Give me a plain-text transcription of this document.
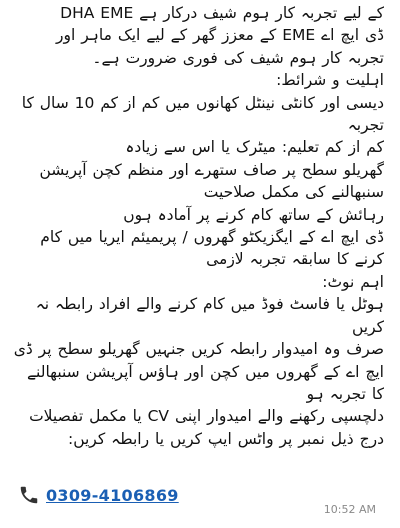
کے لیے تجربہ کار ہوم شیف درکار ہے DHA EME
ڈی ایچ اے EME کے معزز گھر کے لیے ایک ماہر اور
تجربہ کار ہوم شیف کی فوری ضرورت ہے۔
اہلیت و شرائط:
دیسی اور کانٹی نینٹل کھانوں میں کم از کم 10 سال کا
تجربہ
کم از کم تعلیم: میٹرک یا اس سے زیادہ
گھریلو سطح پر صاف ستھرے اور منظم کچن آپریشن
سنبھالنے کی مکمل صلاحیت
رہائش کے ساتھ کام کرنے پر آمادہ ہوں
ڈی ایچ اے کے ایگزیکٹو گھروں / پریمیئم ایریا میں کام
کرنے کا سابقہ تجربہ لازمی
اہم نوٹ:
ہوٹل یا فاسٹ فوڈ میں کام کرنے والے افراد رابطہ نہ
کریں
صرف وہ امیدوار رابطہ کریں جنہیں گھریلو سطح پر ڈی
ایچ اے کے گھروں میں کچن اور ہاؤس آپریشن سنبھالنے
کا تجربہ ہو
دلچسپی رکھنے والے امیدوار اپنی CV یا مکمل تفصیلات
درج ذیل نمبر پر واٹس ایپ کریں یا رابطہ کریں:
0309-4106869
10:52 AM
